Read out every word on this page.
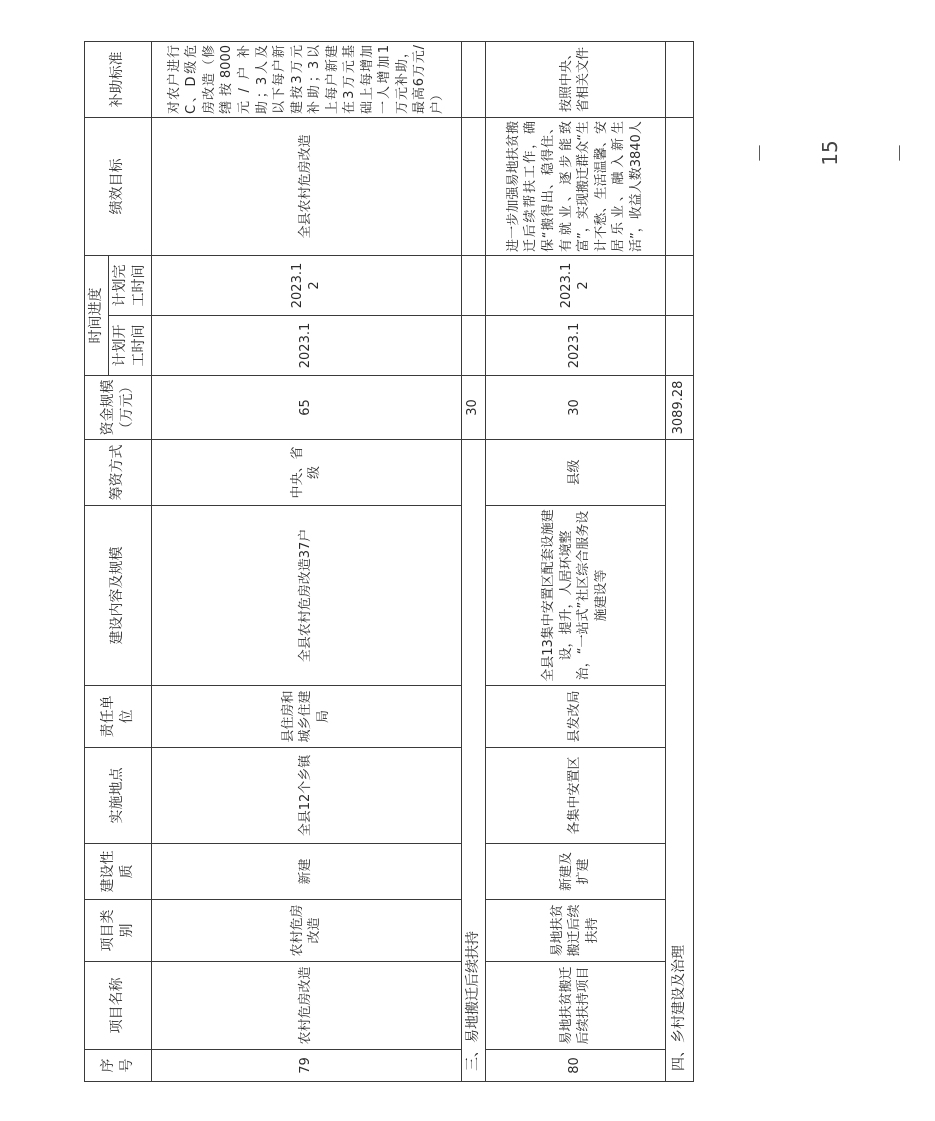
－ 15 －
序号	项目名称	项目类别	建设性质	实施地点	责任单位	建设内容及规模	筹资方式	资金规模（万元）	时间进度		绩效目标	补助标准
									计划开工时间	计划完工时间		
79	农村危房改造	农村危房改造	新建	全县12个乡镇	县住房和城乡住建局	全县农村危房改造37户	中央、省级	65	2023.1	2023.12	全县农村危房改造	对农户进行C、D级危房改造（修缮按8000元/户补助；3人及以下每户新建按3万元补助；3以上每户新建在3万元基础上每增加一人增加1万元补助，最高6万元/户）
三、易地搬迁后续扶持								30				
80	易地扶贫搬迁后续扶持项目	易地扶贫搬迁后续扶持	新建及扩建	各集中安置区	县发改局	全县13集中安置区配套设施建设，提升，人居环境整治，“一站式”社区综合服务设施建设等	县级	30	2023.1	2023.12	进一步加强易地扶贫搬迁后续帮扶工作，确保“搬得出、稳得住、有就业、逐步能致富”，实现搬迁群众“生计不愁、生活温馨、安居乐业、融入新生活”，收益人数3840人	按照中央、省相关文件
四、乡村建设及治理								3089.28				
